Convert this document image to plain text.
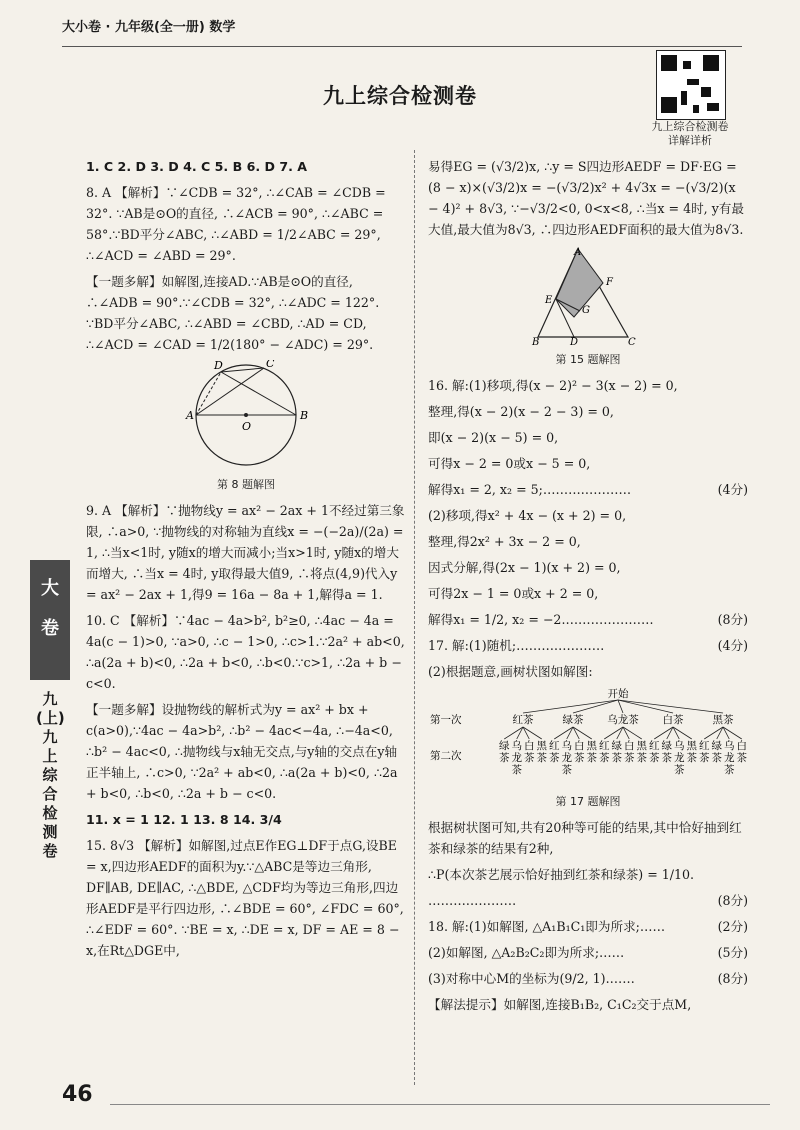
大小卷 · 九年级(全一册) 数学
九上综合检测卷
九上综合检测卷
详解详析
大
卷
九(上) 九上综合检测卷

1. C 2. D 3. D 4. C 5. B 6. D 7. A

8. A 【解析】∵∠CDB = 32°, ∴∠CAB = ∠CDB = 32°. ∵AB是⊙O的直径, ∴∠ACB = 90°, ∴∠ABC = 58°.∵BD平分∠ABC, ∴∠ABD = 1/2∠ABC = 29°, ∴∠ACD = ∠ABD = 29°.

【一题多解】如解图,连接AD.∵AB是⊙O的直径, ∴∠ADB = 90°.∵∠CDB = 32°, ∴∠ADC = 122°. ∵BD平分∠ABC, ∴∠ABD = ∠CBD, ∴AD = CD, ∴∠ACD = ∠CAD = 1/2(180° − ∠ADC) = 29°.

A	B
D	C
O
第 8 题解图

9. A 【解析】∵抛物线y = ax² − 2ax + 1不经过第三象限, ∴a>0, ∵抛物线的对称轴为直线x = −(−2a)/(2a) = 1, ∴当x<1时, y随x的增大而减小;当x>1时, y随x的增大而增大, ∴当x = 4时, y取得最大值9, ∴将点(4,9)代入y = ax² − 2ax + 1,得9 = 16a − 8a + 1,解得a = 1.

10. C 【解析】∵4ac − 4a>b², b²≥0, ∴4ac − 4a = 4a(c − 1)>0, ∵a>0, ∴c − 1>0, ∴c>1.∵2a² + ab<0, ∴a(2a + b)<0, ∴2a + b<0, ∴b<0.∵c>1, ∴2a + b − c<0.

【一题多解】设抛物线的解析式为y = ax² + bx + c(a>0),∵4ac − 4a>b², ∴b² − 4ac<−4a, ∴−4a<0, ∴b² − 4ac<0, ∴抛物线与x轴无交点,与y轴的交点在y轴正半轴上, ∴c>0, ∵2a² + ab<0, ∴a(2a + b)<0, ∴2a + b<0, ∴b<0, ∴2a + b − c<0.

11. x = 1 12. 1 13. 8 14. 3/4

15. 8√3 【解析】如解图,过点E作EG⊥DF于点G,设BE = x,四边形AEDF的面积为y.∵△ABC是等边三角形, DF∥AB, DE∥AC, ∴△BDE, △CDF均为等边三角形,四边形AEDF是平行四边形, ∴∠BDE = 60°, ∠FDC = 60°, ∴∠EDF = 60°. ∵BE = x, ∴DE = x, DF = AE = 8 − x,在Rt△DGE中,

易得EG = (√3/2)x, ∴y = S四边形AEDF = DF·EG = (8 − x)×(√3/2)x = −(√3/2)x² + 4√3x = −(√3/2)(x − 4)² + 8√3, ∵−√3/2<0, 0<x<8, ∴当x = 4时, y有最大值,最大值为8√3, ∴四边形AEDF面积的最大值为8√3.

A
E
F
G
B	D	C
第 15 题解图

16. 解:(1)移项,得(x − 2)² − 3(x − 2) = 0,

整理,得(x − 2)(x − 2 − 3) = 0,

即(x − 2)(x − 5) = 0,

可得x − 2 = 0或x − 5 = 0,

解得x₁ = 2, x₂ = 5;…………………	(4分)

(2)移项,得x² + 4x − (x + 2) = 0,

整理,得2x² + 3x − 2 = 0,

因式分解,得(2x − 1)(x + 2) = 0,

可得2x − 1 = 0或x + 2 = 0,

解得x₁ = 1/2, x₂ = −2.…………………	(8分)

17. 解:(1)随机;…………………	(4分)

(2)根据题意,画树状图如解图:

开始
第一次
第二次
红茶
绿
茶
乌
龙
茶
白
茶
黑
茶
绿茶
红
茶
乌
龙
茶
白
茶
黑
茶
乌龙茶
红
茶
绿
茶
白
茶
黑
茶
白茶
红
茶
绿
茶
乌
龙
茶
黑
茶
黑茶
红
茶
绿
茶
乌
龙
茶
白
茶
第 17 题解图

根据树状图可知,共有20种等可能的结果,其中恰好抽到红茶和绿茶的结果有2种,

∴P(本次茶艺展示恰好抽到红茶和绿茶) = 1/10.

…………………	(8分)

18. 解:(1)如解图, △A₁B₁C₁即为所求;……	(2分)

(2)如解图, △A₂B₂C₂即为所求;……	(5分)

(3)对称中心M的坐标为(9/2, 1).……	(8分)

【解法提示】如解图,连接B₁B₂, C₁C₂交于点M,

46
